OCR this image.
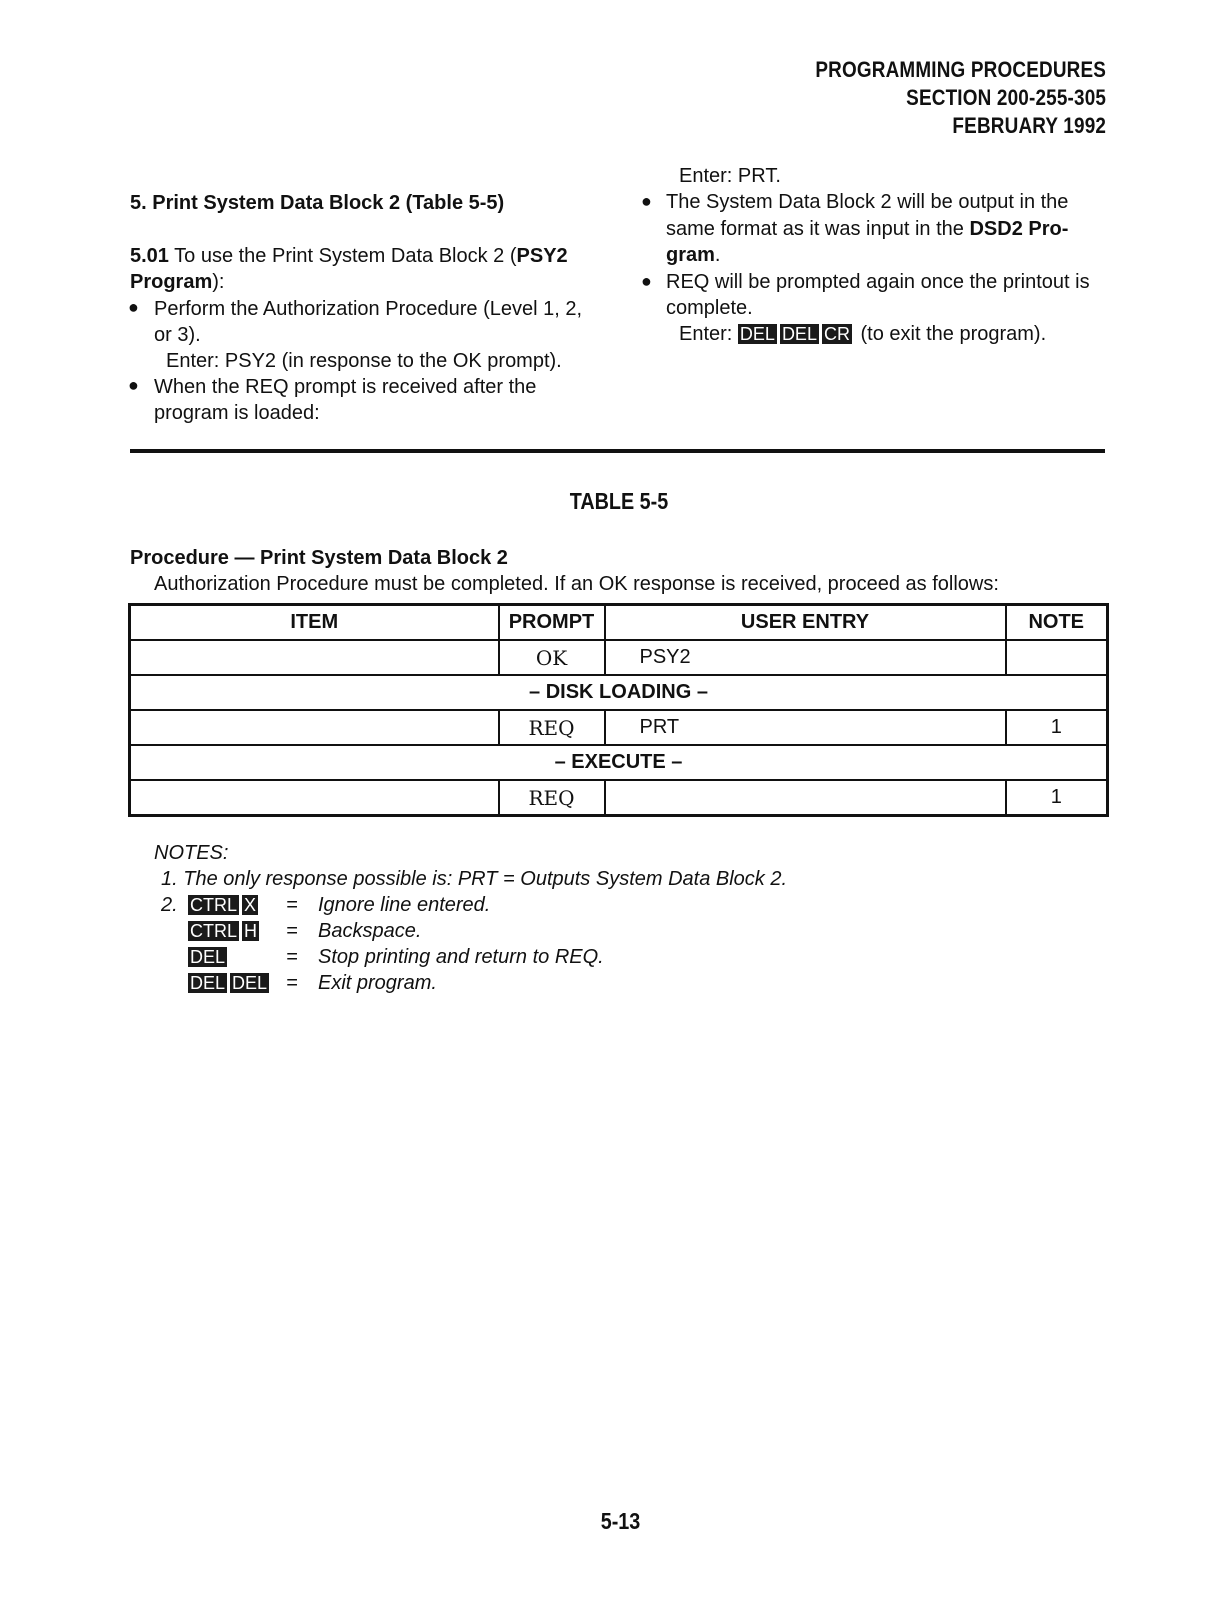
PROGRAMMING PROCEDURES
SECTION 200-255-305
FEBRUARY 1992
5. Print System Data Block 2 (Table 5-5)
5.01 To use the Print System Data Block 2 (PSY2
Program):
● Perform the Authorization Procedure (Level 1, 2,
or 3).
Enter: PSY2 (in response to the OK prompt).
● When the REQ prompt is received after the
program is loaded:
Enter: PRT.
● The System Data Block 2 will be output in the
same format as it was input in the DSD2 Pro-
gram.
● REQ will be prompted again once the printout is
complete.
Enter: DEL DEL CR (to exit the program).
TABLE 5-5
Procedure — Print System Data Block 2
Authorization Procedure must be completed. If an OK response is received, proceed as follows:
ITEM	PROMPT	USER ENTRY	NOTE
	OK	PSY2	
– DISK LOADING –			
	REQ	PRT	1
– EXECUTE –			
	REQ		1
NOTES:
1. The only response possible is: PRT = Outputs System Data Block 2.
2. CTRL X = Ignore line entered.
CTRL H = Backspace.
DEL	= Stop printing and return to REQ.
DEL DEL = Exit program.
5-13
